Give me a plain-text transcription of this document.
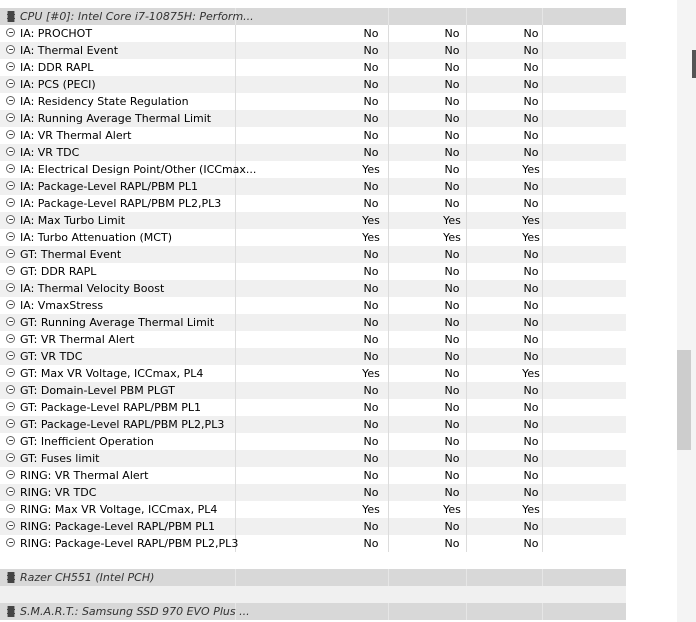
CPU [#0]: Intel Core i7-10875H: Perform...
IA: PROCHOT	No	No	No
IA: Thermal Event	No	No	No
IA: DDR RAPL	No	No	No
IA: PCS (PECI)	No	No	No
IA: Residency State Regulation	No	No	No
IA: Running Average Thermal Limit	No	No	No
IA: VR Thermal Alert	No	No	No
IA: VR TDC	No	No	No
IA: Electrical Design Point/Other (ICCmax...	Yes	No	Yes
IA: Package-Level RAPL/PBM PL1	No	No	No
IA: Package-Level RAPL/PBM PL2,PL3	No	No	No
IA: Max Turbo Limit	Yes	Yes	Yes
IA: Turbo Attenuation (MCT)	Yes	Yes	Yes
GT: Thermal Event	No	No	No
GT: DDR RAPL	No	No	No
IA: Thermal Velocity Boost	No	No	No
IA: VmaxStress	No	No	No
GT: Running Average Thermal Limit	No	No	No
GT: VR Thermal Alert	No	No	No
GT: VR TDC	No	No	No
GT: Max VR Voltage, ICCmax, PL4	Yes	No	Yes
GT: Domain-Level PBM PLGT	No	No	No
GT: Package-Level RAPL/PBM PL1	No	No	No
GT: Package-Level RAPL/PBM PL2,PL3	No	No	No
GT: Inefficient Operation	No	No	No
GT: Fuses limit	No	No	No
RING: VR Thermal Alert	No	No	No
RING: VR TDC	No	No	No
RING: Max VR Voltage, ICCmax, PL4	Yes	Yes	Yes
RING: Package-Level RAPL/PBM PL1	No	No	No
RING: Package-Level RAPL/PBM PL2,PL3	No	No	No
Razer CH551 (Intel PCH)
S.M.A.R.T.: Samsung SSD 970 EVO Plus ...
